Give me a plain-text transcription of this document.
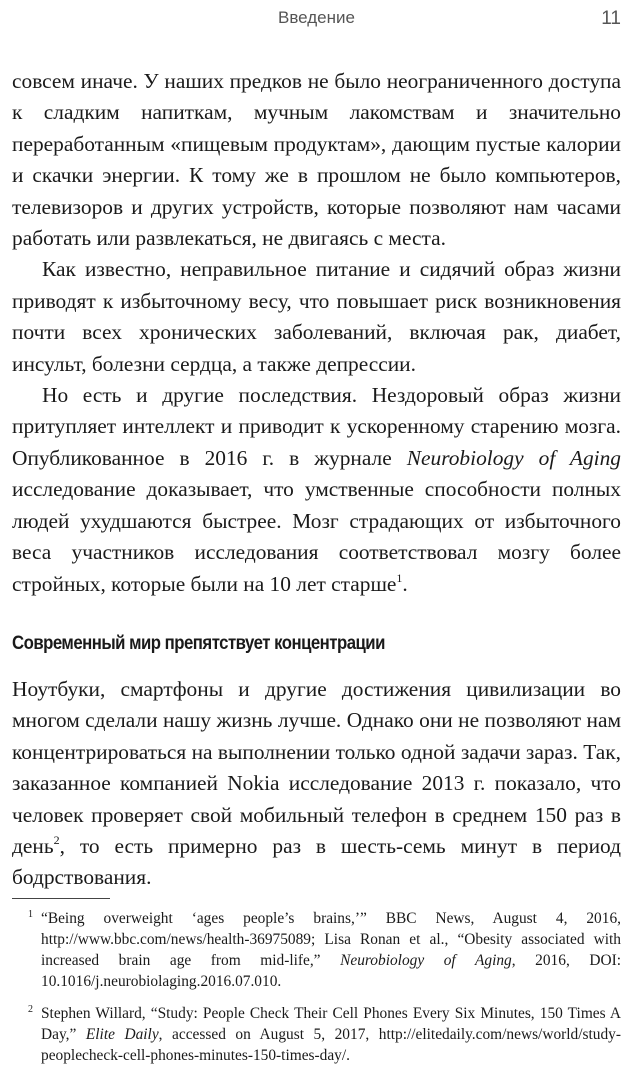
Введение	11

совсем иначе. У наших предков не было неограниченного доступа к сладким напиткам, мучным лакомствам и значительно переработанным «пищевым продуктам», дающим пустые калории и скачки энергии. К тому же в прошлом не было компьютеров, телевизоров и других устройств, которые позволяют нам часами работать или развлекаться, не двигаясь с места.

Как известно, неправильное питание и сидячий образ жизни приводят к избыточному весу, что повышает риск возникновения почти всех хронических заболеваний, включая рак, диабет, инсульт, болезни сердца, а также депрессии.

Но есть и другие последствия. Нездоровый образ жизни притупляет интеллект и приводит к ускоренному старению мозга. Опубликованное в 2016 г. в журнале Neurobiology of Aging исследование доказывает, что умственные способности полных людей ухудшаются быстрее. Мозг страдающих от избыточного веса участников исследования соответствовал мозгу более стройных, которые были на 10 лет старше$^1$.

Современный мир препятствует концентрации

Ноутбуки, смартфоны и другие достижения цивилизации во многом сделали нашу жизнь лучше. Однако они не позволяют нам концентрироваться на выполнении только одной задачи зараз. Так, заказанное компанией Nokia исследование 2013 г. показало, что человек проверяет свой мобильный телефон в среднем 150 раз в день$^2$, то есть примерно раз в шесть-семь минут в период бодрствования.

1 “Being overweight ‘ages people’s brains,’” BBC News, August 4, 2016, http://www.bbc.com/news/health-36975089; Lisa Ronan et al., “Obesity associated with increased brain age from mid-life,” Neurobiology of Aging, 2016, DOI: 10.1016/j.neurobiolaging.2016.07.010.

2 Stephen Willard, “Study: People Check Their Cell Phones Every Six Minutes, 150 Times A Day,” Elite Daily, accessed on August 5, 2017, http://elitedaily.com/news/world/study-peoplecheck-cell-phones-minutes-150-times-day/.
